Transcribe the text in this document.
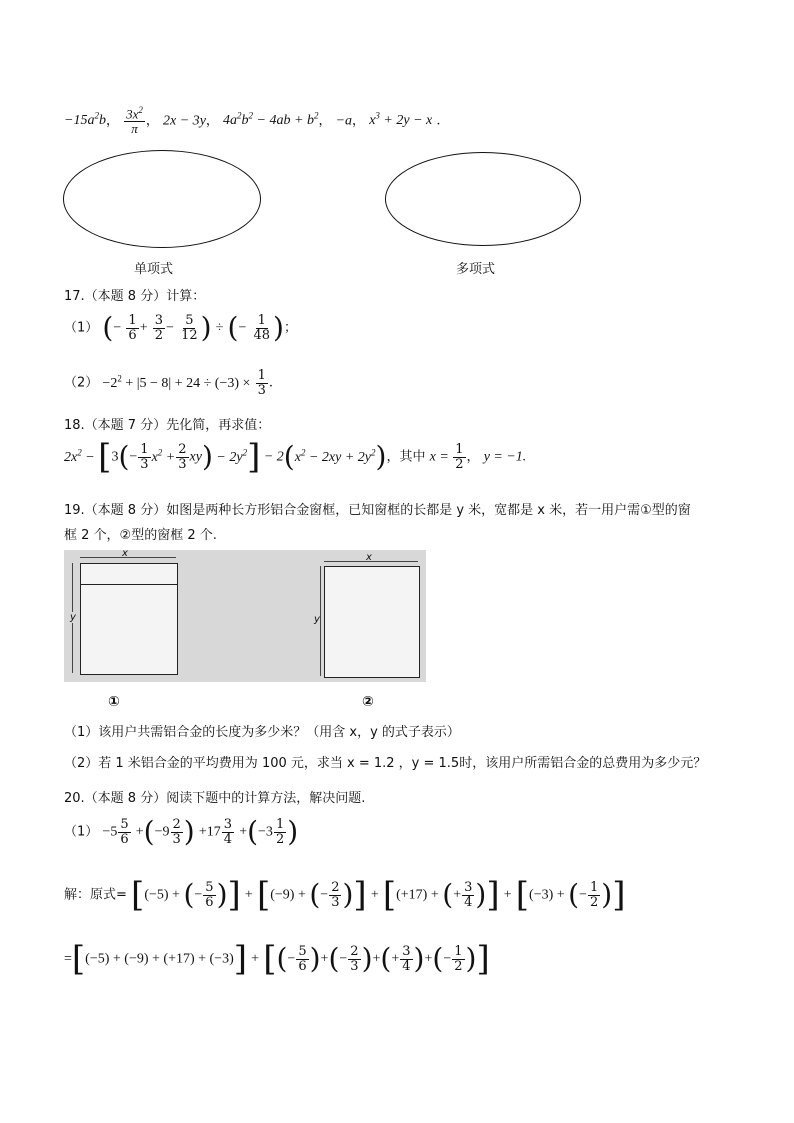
$-15a^2b$， $\frac{3x^2}{\pi}$ ， 2x − 3y， $4a^2b^2 - 4ab + b^2$， −a， $x^3 + 2y - x$ .
单项式	多项式
17.（本题 8 分）计算：
（1） (− $\frac{1}{6} + \frac{3}{2} - \frac{5}{12}$ ) ÷ (− $\frac{1}{48}$ )；
$(2) -2^2 + |5 - 8| + 24 \div (-3) \times \frac{1}{3}$ .
18.（本题 7 分）先化简，再求值：
$2x^2 - [3(- \frac{1}{3} x^2 + \frac{2}{3} xy) - 2y^2] - 2(x^2 - 2xy + 2y^2)$，其中 $x = \frac{1}{2}$ ， y = −1.
19.（本题 8 分）如图是两种长方形铝合金窗框，已知窗框的长都是 y 米，宽都是 x 米，若一用户需①型的窗
框 2 个，②型的窗框 2 个.
x
y
x
y
①	②
（1）该用户共需铝合金的长度为多少米？（用含 x，y 的式子表示）
（2）若 1 米铝合金的平均费用为 100 元，求当 x = 1.2 ，y = 1.5时，该用户所需铝合金的总费用为多少元？
20.（本题 8 分）阅读下题中的计算方法，解决问题.
$(1) -5 \frac{5}{6} +(-9 \frac{2}{3}$ ) $+17 \frac{3}{4} +(-3 \frac{1}{2}$ )
解：原式= [(−5) + (− $\frac{5}{6}$ )] + [(−9) + (− $\frac{2}{3}$ )] + [(+17) + (+ $\frac{3}{4}$ )] + [(−3) + (− $\frac{1}{2}$ )]
=[(−5) + (−9) + (+17) + (−3)] + [(− $\frac{5}{6}$ )+(− $\frac{2}{3}$ )+(+ $\frac{3}{4}$ )+(− $\frac{1}{2}$ )]
